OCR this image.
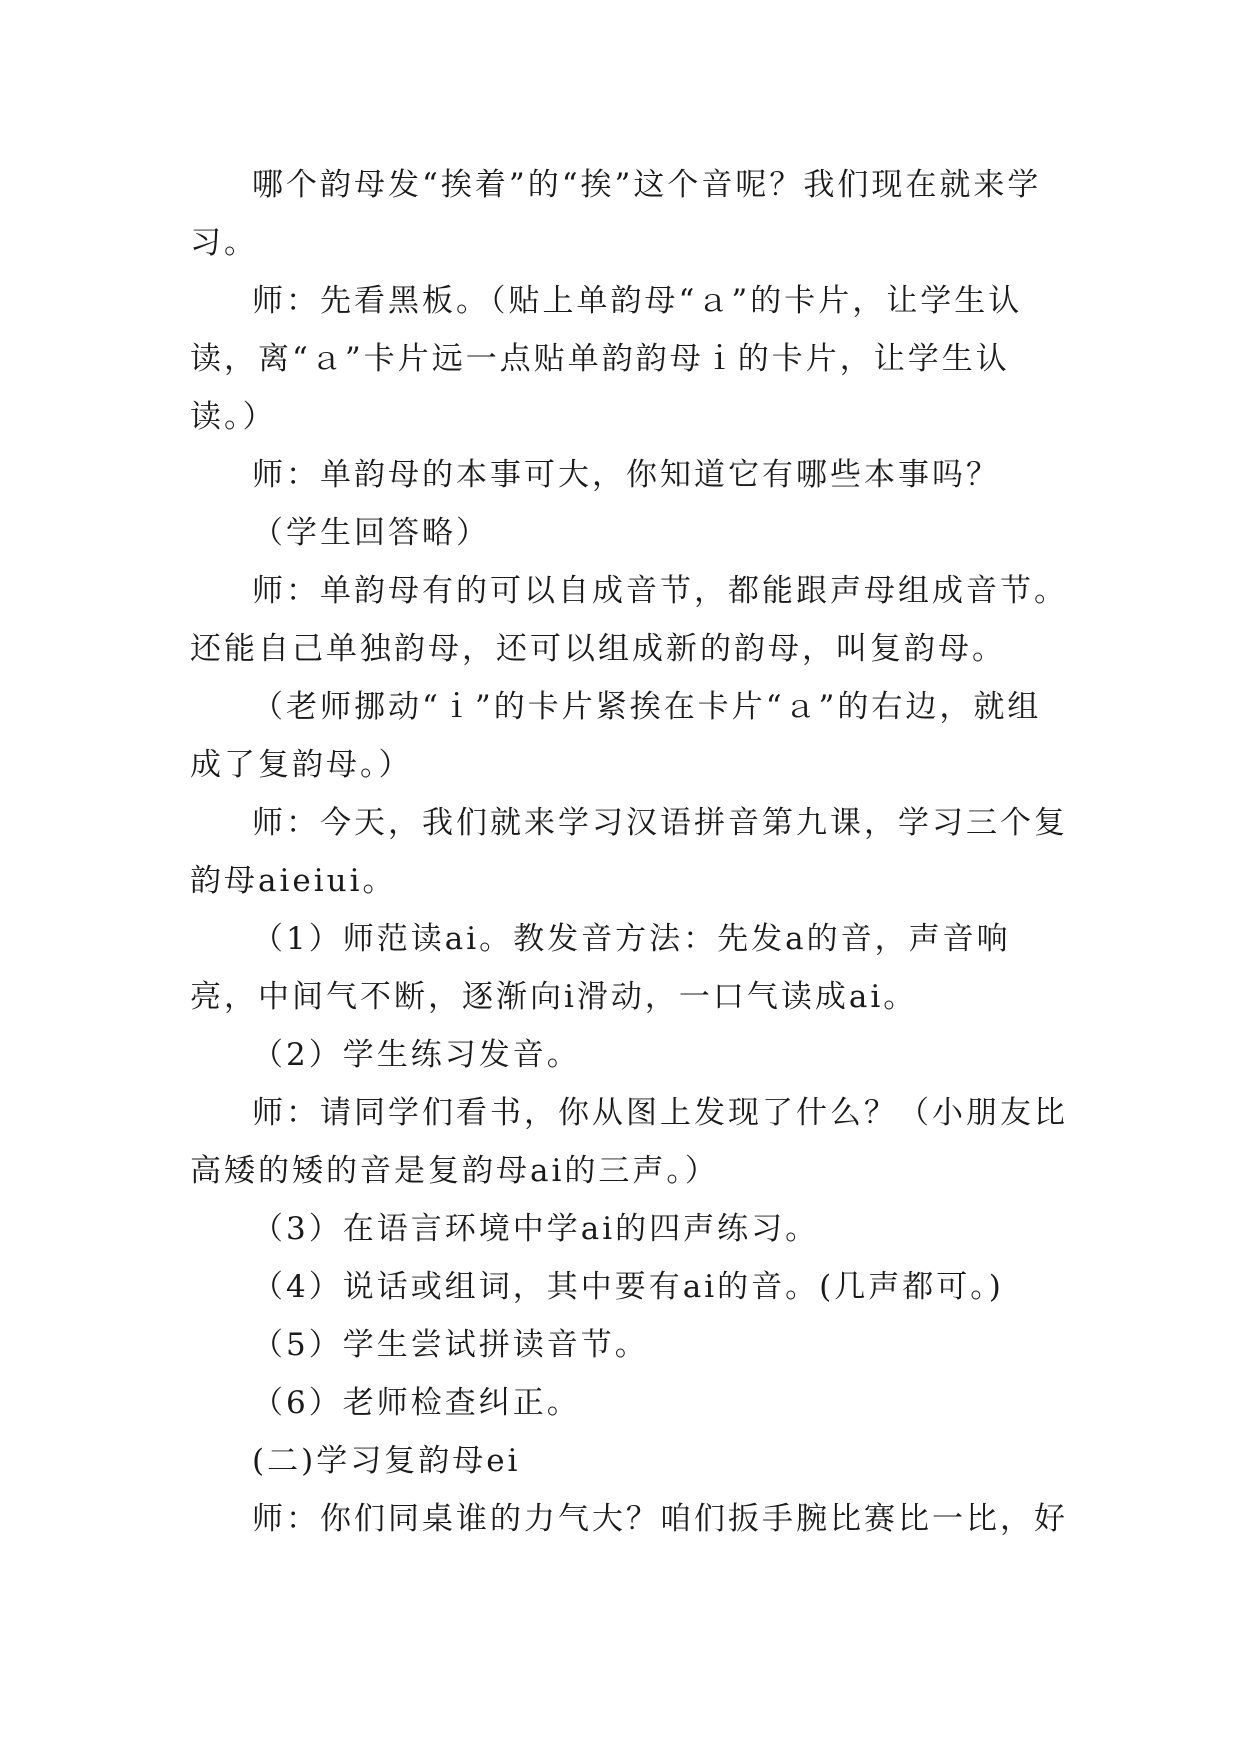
哪个韵母发“挨着”的“挨”这个音呢？我们现在就来学习。

师：先看黑板。（贴上单韵母“ａ”的卡片，让学生认读，离“ａ”卡片远一点贴单韵韵母ｉ的卡片，让学生认读。）

师：单韵母的本事可大，你知道它有哪些本事吗？

（学生回答略）

师：单韵母有的可以自成音节，都能跟声母组成音节。还能自己单独韵母，还可以组成新的韵母，叫复韵母。

（老师挪动“ｉ”的卡片紧挨在卡片“ａ”的右边，就组成了复韵母。）

师：今天，我们就来学习汉语拼音第九课，学习三个复韵母aieiui。

（1）师范读ai。教发音方法：先发a的音，声音响亮，中间气不断，逐渐向i滑动，一口气读成ai。

（2）学生练习发音。

师：请同学们看书，你从图上发现了什么？（小朋友比高矮的矮的音是复韵母ai的三声。）

（3）在语言环境中学ai的四声练习。

（4）说话或组词，其中要有ai的音。(几声都可。)

（5）学生尝试拼读音节。

（6）老师检查纠正。

(二)学习复韵母ei

师：你们同桌谁的力气大？咱们扳手腕比赛比一比，好
